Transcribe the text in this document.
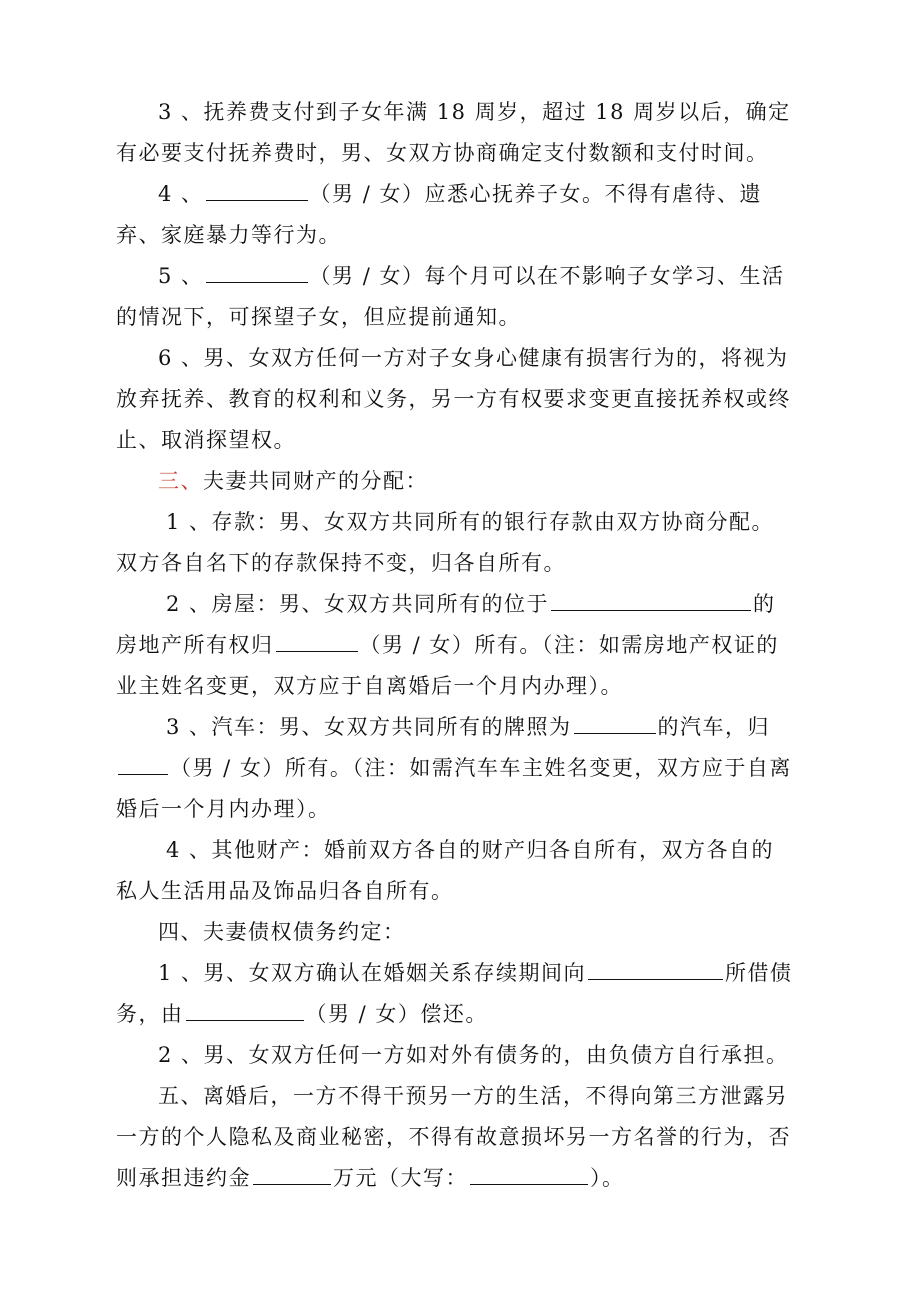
3 、抚养费支付到子女年满 18 周岁，超过 18 周岁以后，确定有必要支付抚养费时，男、女双方协商确定支付数额和支付时间。

4 、	（男 / 女）应悉心抚养子女。不得有虐待、遗弃、家庭暴力等行为。

5 、	（男 / 女）每个月可以在不影响子女学习、生活的情况下，可探望子女，但应提前通知。

6 、男、女双方任何一方对子女身心健康有损害行为的，将视为放弃抚养、教育的权利和义务，另一方有权要求变更直接抚养权或终止、取消探望权。

三、夫妻共同财产的分配：

1 、存款：男、女双方共同所有的银行存款由双方协商分配。双方各自名下的存款保持不变，归各自所有。

2 、房屋：男、女双方共同所有的位于	的房地产所有权归	（男 / 女）所有。（注：如需房地产权证的业主姓名变更，双方应于自离婚后一个月内办理）。

3 、汽车：男、女双方共同所有的牌照为	的汽车，归（男 / 女）所有。（注：如需汽车车主姓名变更，双方应于自离婚后一个月内办理）。

4 、其他财产：婚前双方各自的财产归各自所有，双方各自的私人生活用品及饰品归各自所有。

四、夫妻债权债务约定：

1 、男、女双方确认在婚姻关系存续期间向	所借债务，由	（男 / 女）偿还。

2 、男、女双方任何一方如对外有债务的，由负债方自行承担。

五、离婚后，一方不得干预另一方的生活，不得向第三方泄露另一方的个人隐私及商业秘密，不得有故意损坏另一方名誉的行为，否则承担违约金	万元（大写：	）。
